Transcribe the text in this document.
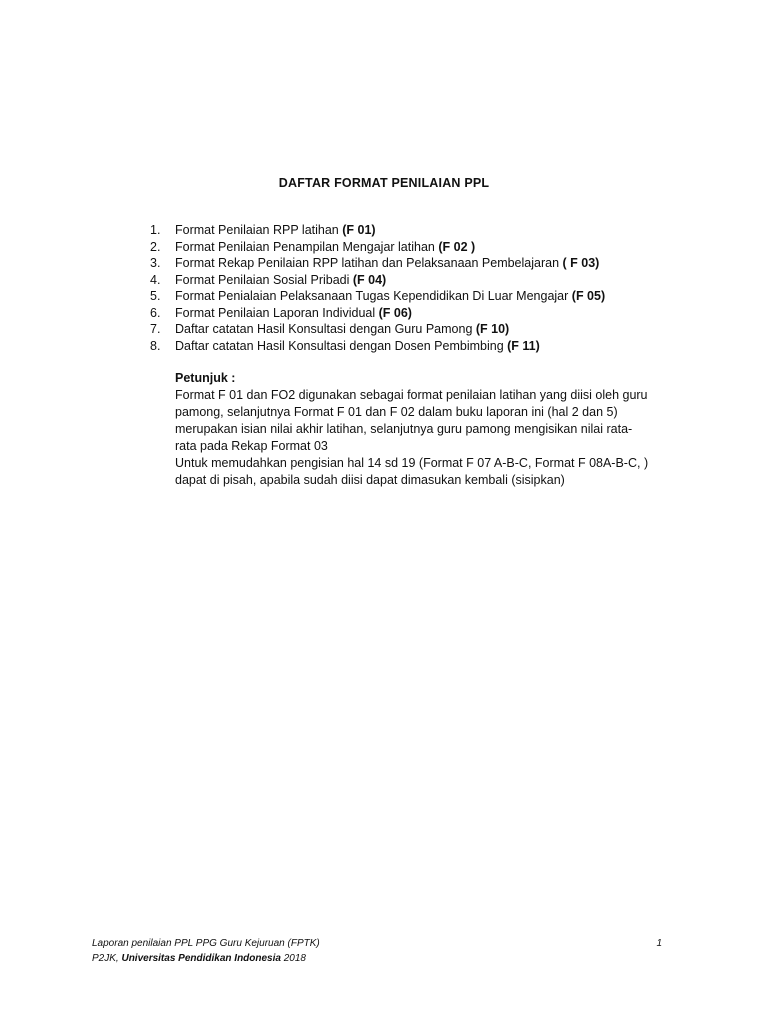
DAFTAR FORMAT PENILAIAN PPL
1.	Format Penilaian RPP latihan (F 01)
2.	Format Penilaian Penampilan Mengajar latihan (F 02 )
3.	Format Rekap Penilaian RPP latihan dan Pelaksanaan Pembelajaran ( F 03)
4.	Format Penilaian Sosial Pribadi (F 04)
5.	Format Penialaian Pelaksanaan Tugas Kependidikan Di Luar Mengajar (F 05)
6.	Format Penilaian Laporan Individual (F 06)
7.	Daftar catatan Hasil Konsultasi dengan Guru Pamong (F 10)
8.	Daftar catatan Hasil Konsultasi dengan Dosen Pembimbing (F 11)

Petunjuk :

Format F 01 dan FO2 digunakan sebagai format penilaian latihan yang diisi oleh guru

pamong, selanjutnya Format F 01 dan F 02 dalam buku laporan ini (hal 2 dan 5)

merupakan isian nilai akhir latihan, selanjutnya guru pamong mengisikan nilai rata-

rata pada Rekap Format 03

Untuk memudahkan pengisian hal 14 sd 19 (Format F 07 A-B-C, Format F 08A-B-C, )

dapat di pisah, apabila sudah diisi dapat dimasukan kembali (sisipkan)

Laporan penilaian PPL PPG Guru Kejuruan (FPTK)	1
P2JK, Universitas Pendidikan Indonesia 2018
